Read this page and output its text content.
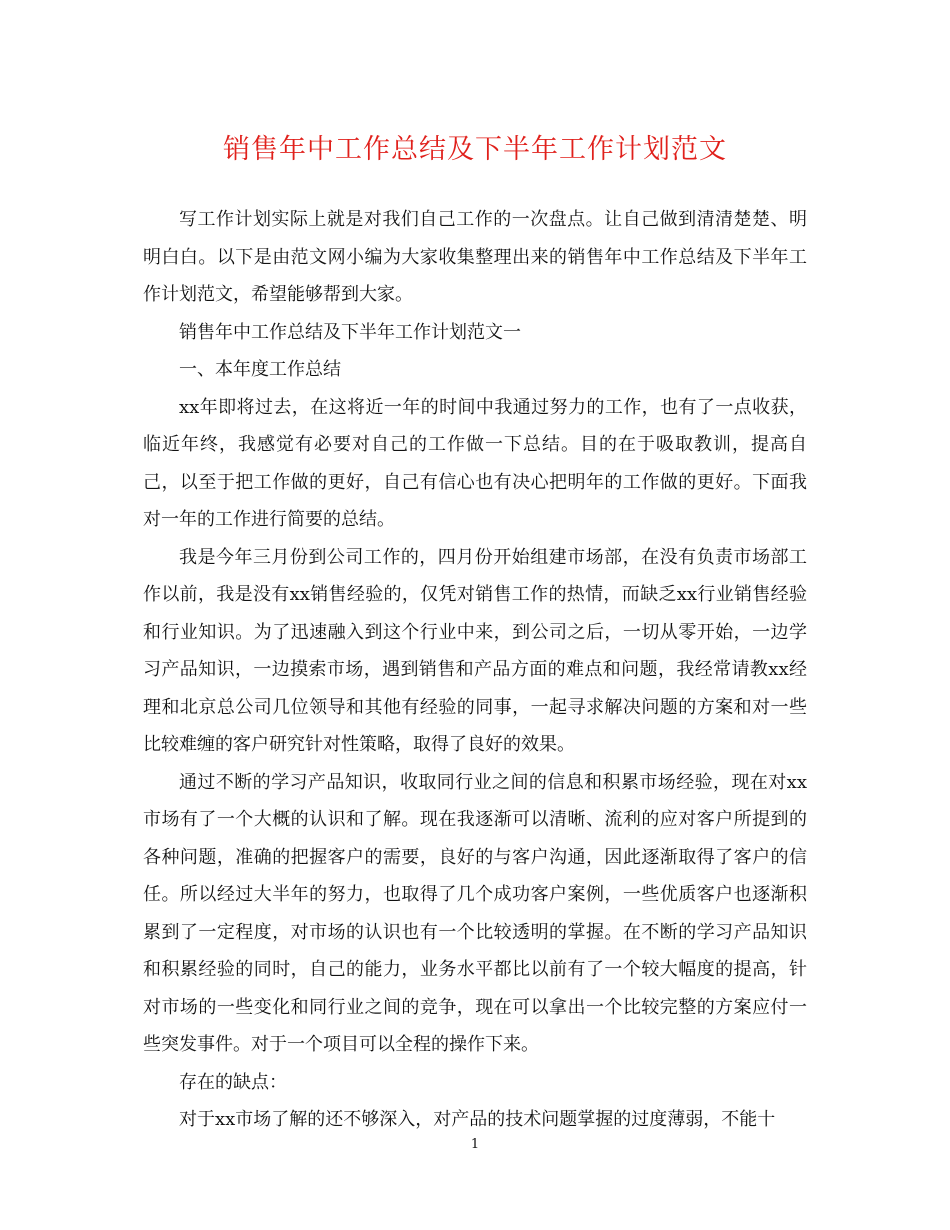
销售年中工作总结及下半年工作计划范文

写工作计划实际上就是对我们自己工作的一次盘点。让自己做到清清楚楚、明明白白。以下是由范文网小编为大家收集整理出来的销售年中工作总结及下半年工作计划范文，希望能够帮到大家。

销售年中工作总结及下半年工作计划范文一

一、本年度工作总结

xx年即将过去，在这将近一年的时间中我通过努力的工作，也有了一点收获，临近年终，我感觉有必要对自己的工作做一下总结。目的在于吸取教训，提高自己，以至于把工作做的更好，自己有信心也有决心把明年的工作做的更好。下面我对一年的工作进行简要的总结。

我是今年三月份到公司工作的，四月份开始组建市场部，在没有负责市场部工作以前，我是没有xx销售经验的，仅凭对销售工作的热情，而缺乏xx行业销售经验和行业知识。为了迅速融入到这个行业中来，到公司之后，一切从零开始，一边学习产品知识，一边摸索市场，遇到销售和产品方面的难点和问题，我经常请教xx经理和北京总公司几位领导和其他有经验的同事，一起寻求解决问题的方案和对一些比较难缠的客户研究针对性策略，取得了良好的效果。

通过不断的学习产品知识，收取同行业之间的信息和积累市场经验，现在对xx市场有了一个大概的认识和了解。现在我逐渐可以清晰、流利的应对客户所提到的各种问题，准确的把握客户的需要，良好的与客户沟通，因此逐渐取得了客户的信任。所以经过大半年的努力，也取得了几个成功客户案例，一些优质客户也逐渐积累到了一定程度，对市场的认识也有一个比较透明的掌握。在不断的学习产品知识和积累经验的同时，自己的能力，业务水平都比以前有了一个较大幅度的提高，针对市场的一些变化和同行业之间的竞争，现在可以拿出一个比较完整的方案应付一些突发事件。对于一个项目可以全程的操作下来。

存在的缺点：

对于xx市场了解的还不够深入，对产品的技术问题掌握的过度薄弱，不能十

1
